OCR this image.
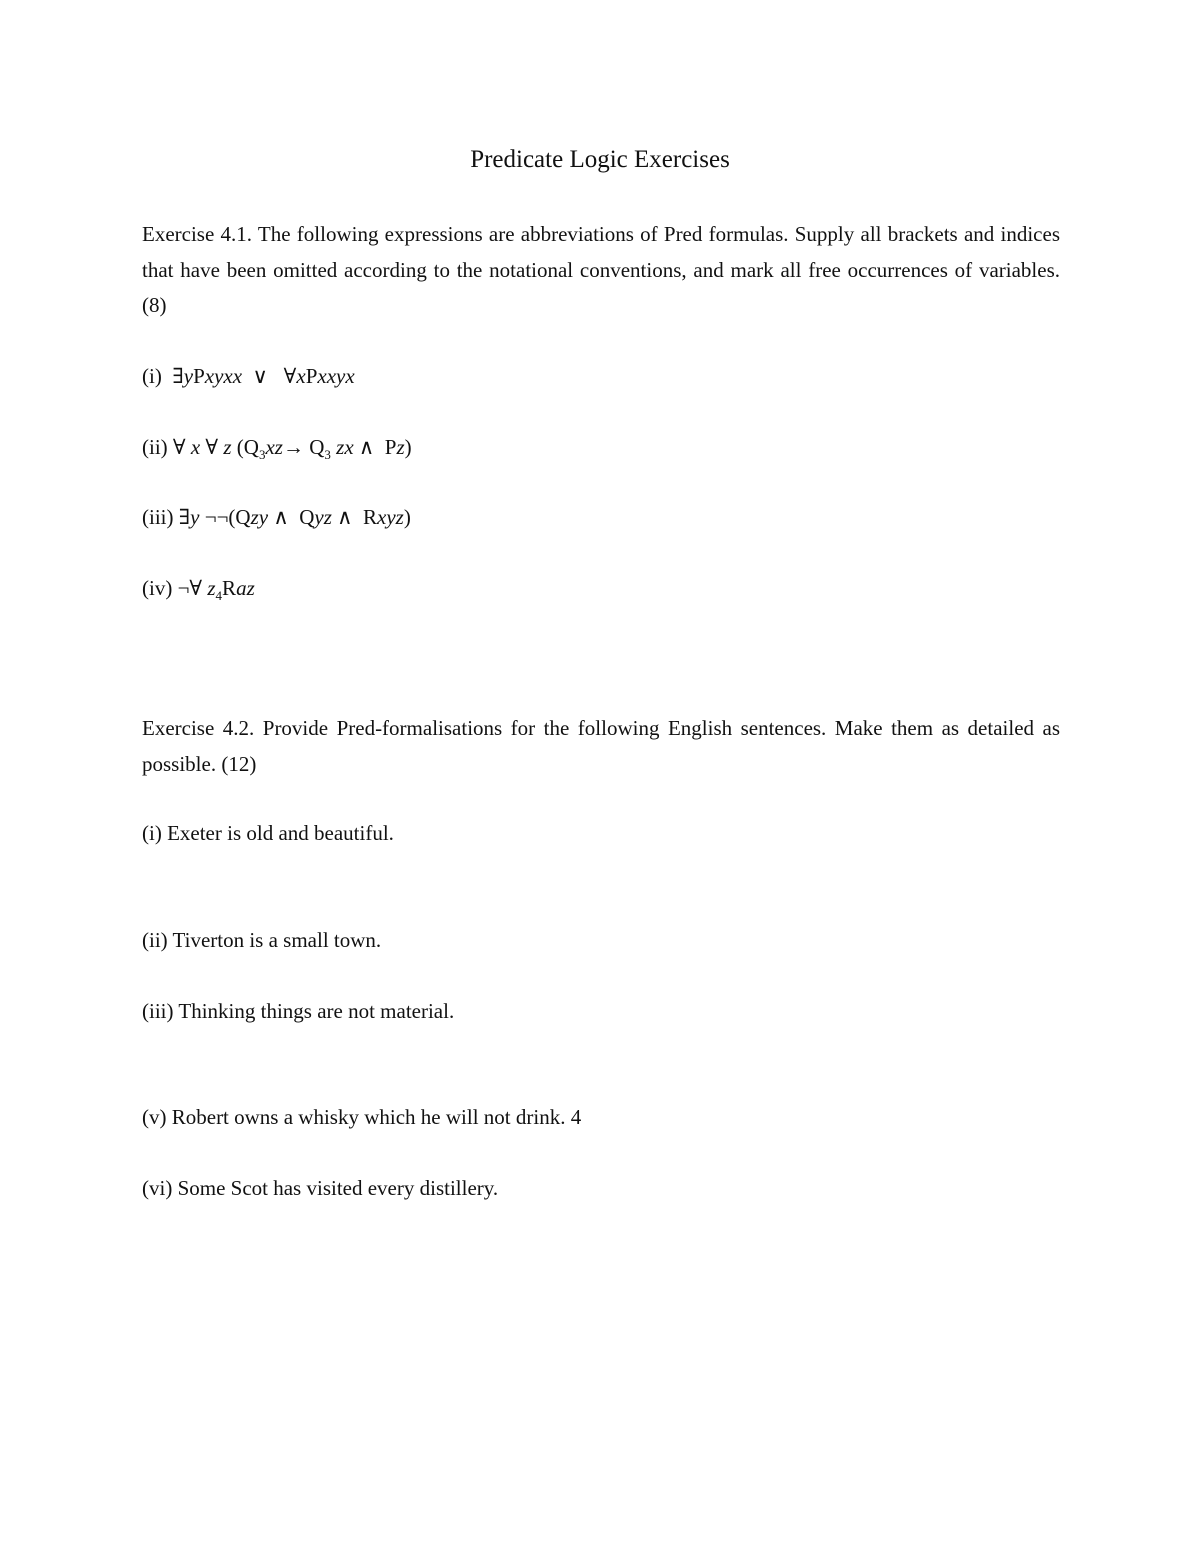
Predicate Logic Exercises
Exercise 4.1. The following expressions are abbreviations of Pred formulas. Supply all brackets and indices that have been omitted according to the notational conventions, and mark all free occurrences of variables. (8)
(i) ∃yPxyxx ∨ ∀xPxxyx
(ii) ∀ x ∀ z ($Q_3xz\to Q_3$ zx ∧ Pz)
(iii) ∃y ¬¬(Qzy ∧ Qyz ∧ Rxyz)
(iv) ¬∀ $z_4Raz$
Exercise 4.2. Provide Pred-formalisations for the following English sentences. Make them as detailed as possible. (12)
(i) Exeter is old and beautiful.
(ii) Tiverton is a small town.
(iii) Thinking things are not material.
(v) Robert owns a whisky which he will not drink. 4
(vi) Some Scot has visited every distillery.
